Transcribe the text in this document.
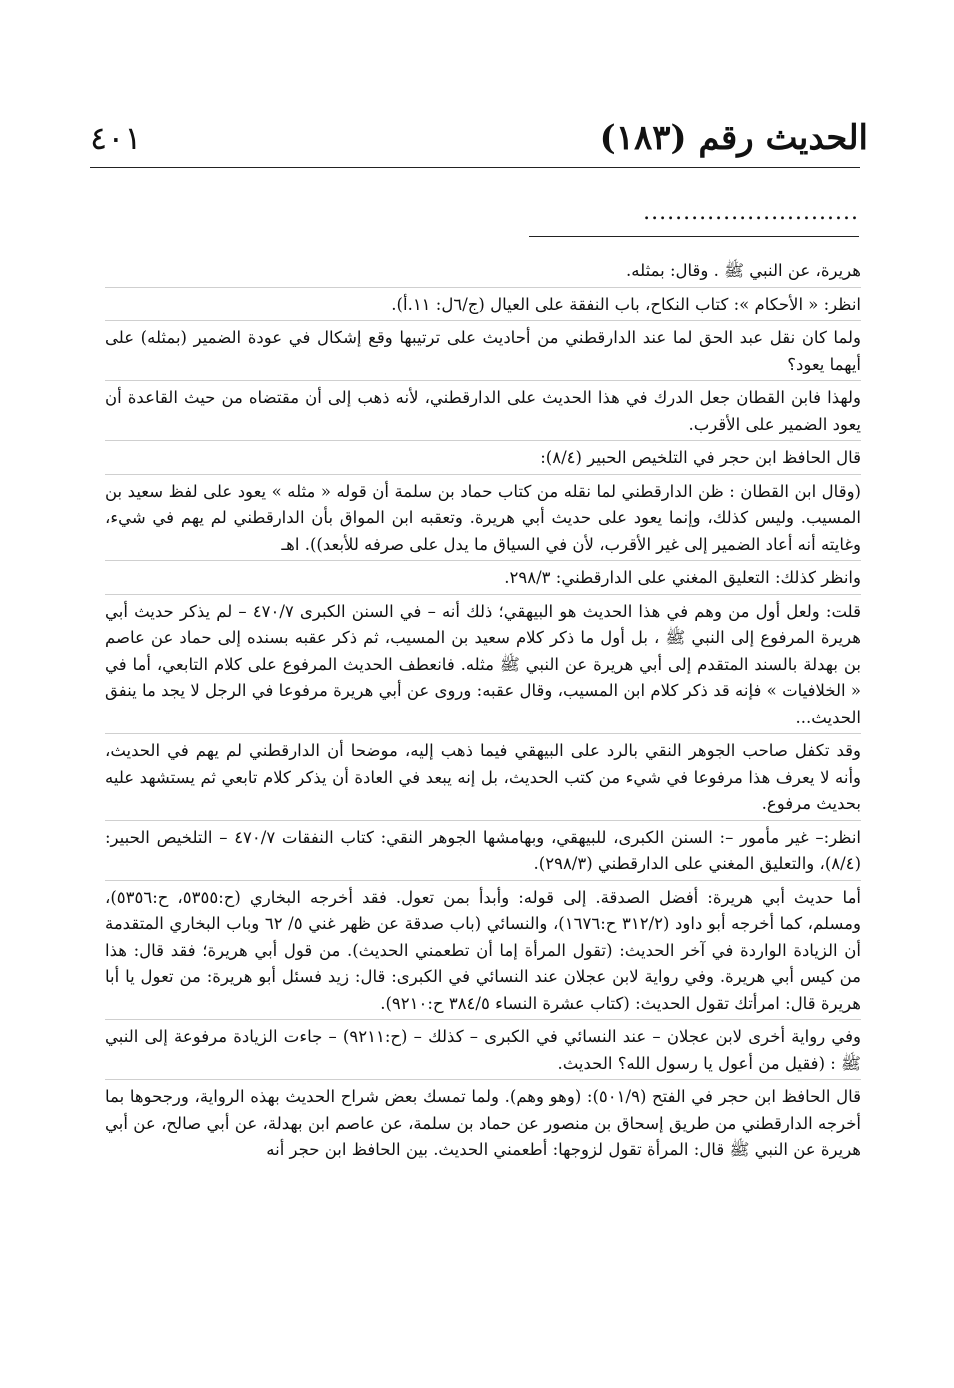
الحديث رقم (١٨٣)
٤٠١
...........................

هريرة، عن النبي ﷺ . وقال: بمثله.

انظر: « الأحكام »: كتاب النكاح، باب النفقة على العيال (ج/٦ل: ١١.أ).

ولما كان نقل عبد الحق لما عند الدارقطني من أحاديث على ترتيبها وقع إشكال في عودة الضمير (بمثله) على أيهما يعود؟

ولهذا فابن القطان جعل الدرك في هذا الحديث على الدارقطني، لأنه ذهب إلى أن مقتضاه من حيث القاعدة أن يعود الضمير على الأقرب.

قال الحافظ ابن حجر في التلخيص الحبير (٨/٤):

(وقال ابن القطان : ظن الدارقطني لما نقله من كتاب حماد بن سلمة أن قوله « مثله » يعود على لفظ سعيد بن المسيب. وليس كذلك، وإنما يعود على حديث أبي هريرة. وتعقبه ابن المواق بأن الدارقطني لم يهم في شيء، وغايته أنه أعاد الضمير إلى غير الأقرب، لأن في السياق ما يدل على صرفه للأبعد)). اهـ

وانظر كذلك: التعليق المغني على الدارقطني: ٢٩٨/٣.

قلت: ولعل أول من وهم في هذا الحديث هو البيهقي؛ ذلك أنه – في السنن الكبرى ٤٧٠/٧ – لم يذكر حديث أبي هريرة المرفوع إلى النبي ﷺ ، بل أول ما ذكر كلام سعيد بن المسيب، ثم ذكر عقبه بسنده إلى حماد عن عاصم بن بهدلة بالسند المتقدم إلى أبي هريرة عن النبي ﷺ مثله. فانعطف الحديث المرفوع على كلام التابعي، أما في « الخلافيات » فإنه قد ذكر كلام ابن المسيب، وقال عقبه: وروى عن أبي هريرة مرفوعا في الرجل لا يجد ما ينفق الحديث...

وقد تكفل صاحب الجوهر النقي بالرد على البيهقي فيما ذهب إليه، موضحا أن الدارقطني لم يهم في الحديث، وأنه لا يعرف هذا مرفوعا في شيء من كتب الحديث، بل إنه يبعد في العادة أن يذكر كلام تابعي ثم يستشهد عليه بحديث مرفوع.

انظر:– غير مأمور –: السنن الكبرى، للبيهقي، وبهامشها الجوهر النقي: كتاب النفقات ٤٧٠/٧ – التلخيص الحبير: (٨/٤)، والتعليق المغني على الدارقطني (٢٩٨/٣).

أما حديث أبي هريرة: أفضل الصدقة. إلى قوله: وأبدأ بمن تعول. فقد أخرجه البخاري (ح:٥٣٥٥، ح:٥٣٥٦)، ومسلم، كما أخرجه أبو داود (٣١٢/٢ ح:١٦٧٦)، والنسائي (باب صدقة عن ظهر غني ٥/ ٦٢ وباب البخاري المتقدمة أن الزيادة الواردة في آخر الحديث: (تقول المرأة إما أن تطعمني الحديث). من قول أبي هريرة؛ فقد قال: هذا من كيس أبي هريرة. وفي رواية لابن عجلان عند النسائي في الكبرى: قال: زيد فسئل أبو هريرة: من تعول يا أبا هريرة قال: امرأتك تقول الحديث: (كتاب عشرة النساء ٣٨٤/٥ ح:٩٢١٠).

وفي رواية أخرى لابن عجلان – عند النسائي في الكبرى – كذلك – (ح:٩٢١١) – جاءت الزيادة مرفوعة إلى النبي ﷺ : (فقيل من أعول يا رسول الله؟ الحديث.

قال الحافظ ابن حجر في الفتح (٥٠١/٩): (وهو وهم). ولما تمسك بعض شراح الحديث بهذه الرواية، ورجحوها بما أخرجه الدارقطني من طريق إسحاق بن منصور عن حماد بن سلمة، عن عاصم ابن بهدلة، عن أبي صالح، عن أبي هريرة عن النبي ﷺ قال: المرأة تقول لزوجها: أطعمني الحديث. بين الحافظ ابن حجر أنه
